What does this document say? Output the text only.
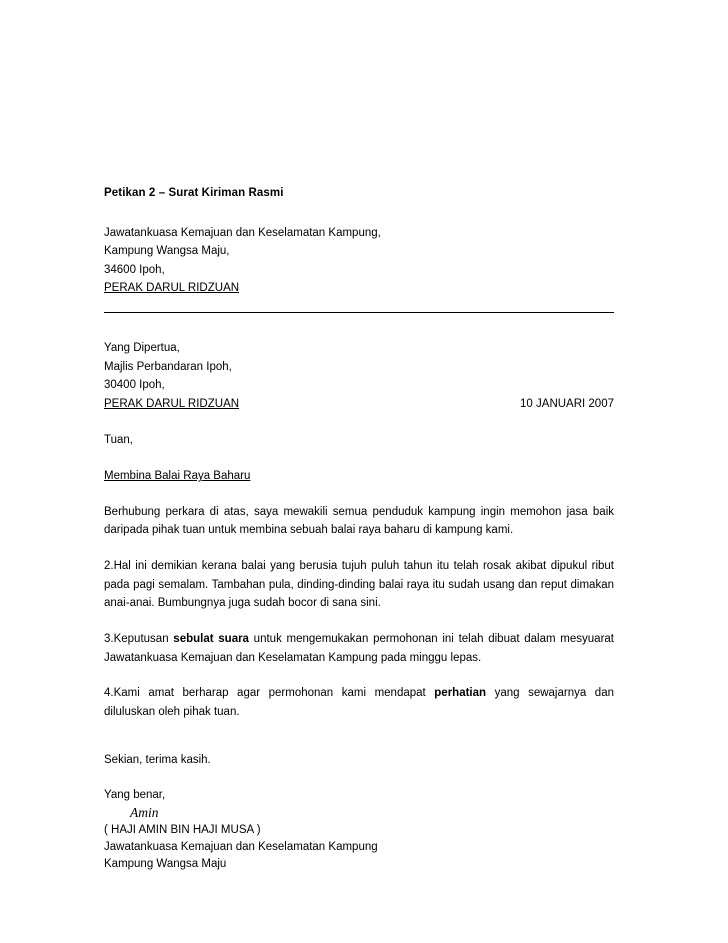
Petikan 2 – Surat Kiriman Rasmi
Jawatankuasa Kemajuan dan Keselamatan Kampung,
Kampung Wangsa Maju,
34600 Ipoh,
PERAK DARUL RIDZUAN
Yang Dipertua,
Majlis Perbandaran Ipoh,
30400 Ipoh,
PERAK DARUL RIDZUAN	10 JANUARI 2007

Tuan,

Membina Balai Raya Baharu

Berhubung perkara di atas, saya mewakili semua penduduk kampung ingin memohon jasa baik daripada pihak tuan untuk membina sebuah balai raya baharu di kampung kami.

2.Hal ini demikian kerana balai yang berusia tujuh puluh tahun itu telah rosak akibat dipukul ribut pada pagi semalam. Tambahan pula, dinding-dinding balai raya itu sudah usang dan reput dimakan anai-anai. Bumbungnya juga sudah bocor di sana sini.

3.Keputusan sebulat suara untuk mengemukakan permohonan ini telah dibuat dalam mesyuarat Jawatankuasa Kemajuan dan Keselamatan Kampung pada minggu lepas.

4.Kami amat berharap agar permohonan kami mendapat perhatian yang sewajarnya dan diluluskan oleh pihak tuan.

Sekian, terima kasih.

Yang benar,
Amin
( HAJI AMIN BIN HAJI MUSA )
Jawatankuasa Kemajuan dan Keselamatan Kampung
Kampung Wangsa Maju
